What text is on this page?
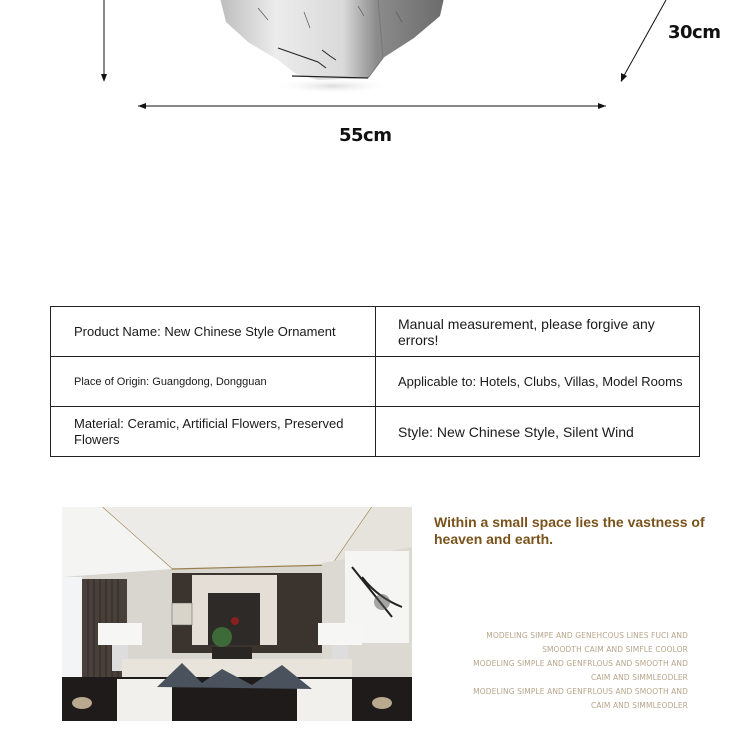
55cm
30cm
Product Name: New Chinese Style Ornament	Manual measurement, please forgive any errors!
Place of Origin: Guangdong, Dongguan	Applicable to: Hotels, Clubs, Villas, Model Rooms
Material: Ceramic, Artificial Flowers, Preserved Flowers	Style: New Chinese Style, Silent Wind
Within a small space lies the vastness of heaven and earth.
MODELING SIMPE AND GENEHCOUS LINES FUCI AND
SMOODTH CAIM AND SIMFLE COOLOR
MODELING SIMPLE AND GENFRLOUS AND SMOOTH AND
CAIM AND SIMMLEODLER
MODELING SIMPLE AND GENFRLOUS AND SMOOTH AND
CAIM AND SIMMLEODLER
